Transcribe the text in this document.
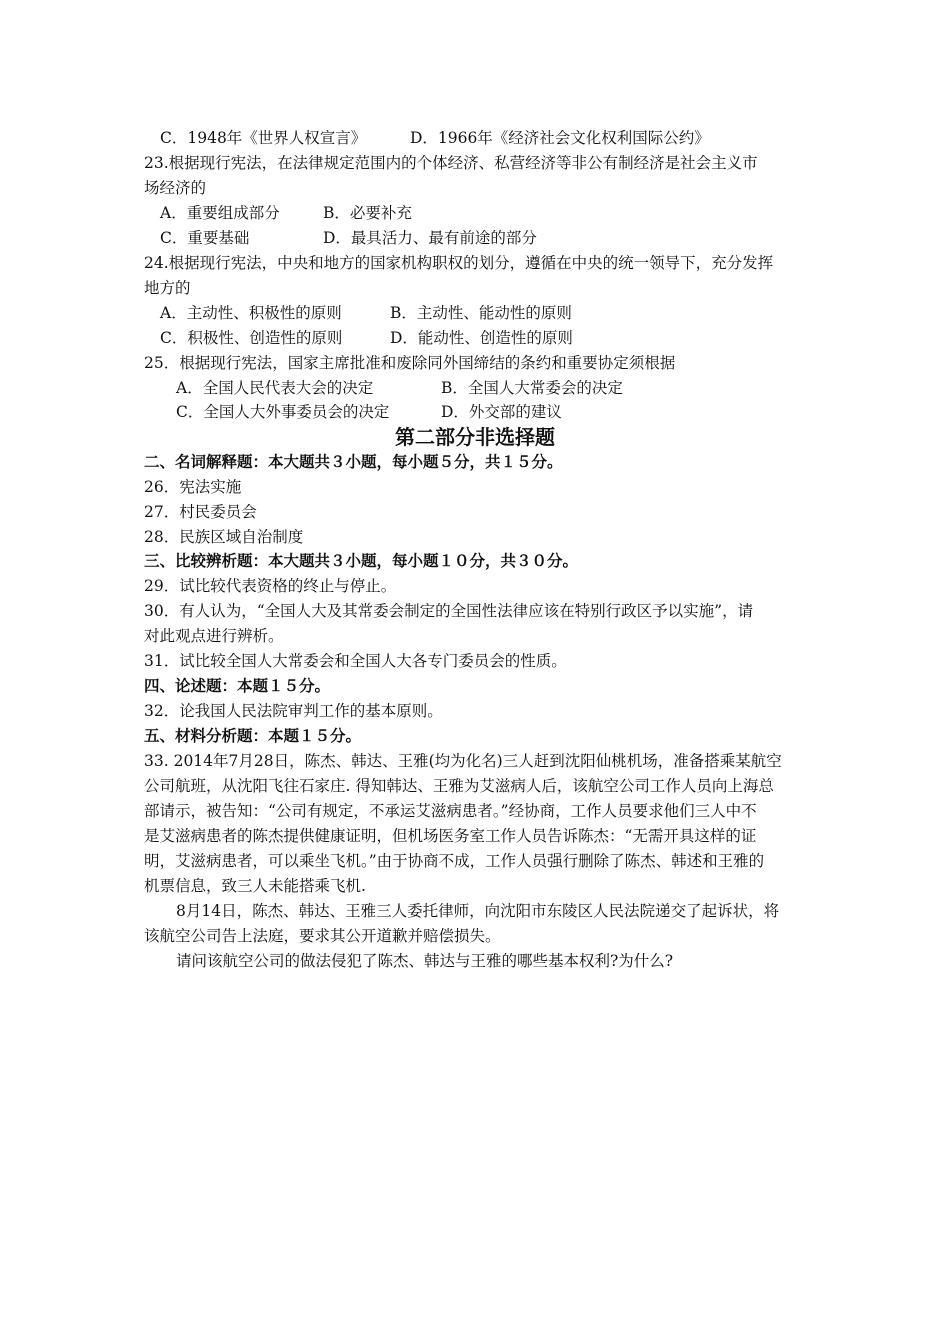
C．1948年《世界人权宣言》	D．1966年《经济社会文化权利国际公约》
23.根据现行宪法，在法律规定范围内的个体经济、私营经济等非公有制经济是社会主义市
场经济的
A．重要组成部分	B．必要补充
C．重要基础	D．最具活力、最有前途的部分
24.根据现行宪法，中央和地方的国家机构职权的划分，遵循在中央的统一领导下，充分发挥
地方的
A．主动性、积极性的原则	B．主动性、能动性的原则
C．积极性、创造性的原则	D．能动性、创造性的原则
25．根据现行宪法，国家主席批准和废除同外国缔结的条约和重要协定须根据
A．全国人民代表大会的决定	B．全国人大常委会的决定
C．全国人大外事委员会的决定	D．外交部的建议
第二部分非选择题
二、名词解释题：本大题共３小题，每小题５分，共１５分。
26．宪法实施
27．村民委员会
28．民族区域自治制度
三、比较辨析题：本大题共３小题，每小题１０分，共３０分。
29．试比较代表资格的终止与停止。
30．有人认为，“全国人大及其常委会制定的全国性法律应该在特别行政区予以实施”，请
对此观点进行辨析。
31．试比较全国人大常委会和全国人大各专门委员会的性质。
四、论述题：本题１５分。
32．论我国人民法院审判工作的基本原则。
五、材料分析题：本题１５分。
33. 2014年7月28日，陈杰、韩达、王雅(均为化名)三人赶到沈阳仙桃机场，准备搭乘某航空
公司航班，从沈阳飞往石家庄. 得知韩达、王雅为艾滋病人后，该航空公司工作人员向上海总
部请示，被告知：“公司有规定，不承运艾滋病患者。”经协商，工作人员要求他们三人中不
是艾滋病患者的陈杰提供健康证明，但机场医务室工作人员告诉陈杰：“无需开具这样的证
明，艾滋病患者，可以乘坐飞机。”由于协商不成，工作人员强行删除了陈杰、韩述和王雅的
机票信息，致三人未能搭乘飞机.
8月14日，陈杰、韩达、王雅三人委托律师，向沈阳市东陵区人民法院递交了起诉状，将
该航空公司告上法庭，要求其公开道歉并赔偿损失。
请问该航空公司的做法侵犯了陈杰、韩达与王雅的哪些基本权利?为什么?
